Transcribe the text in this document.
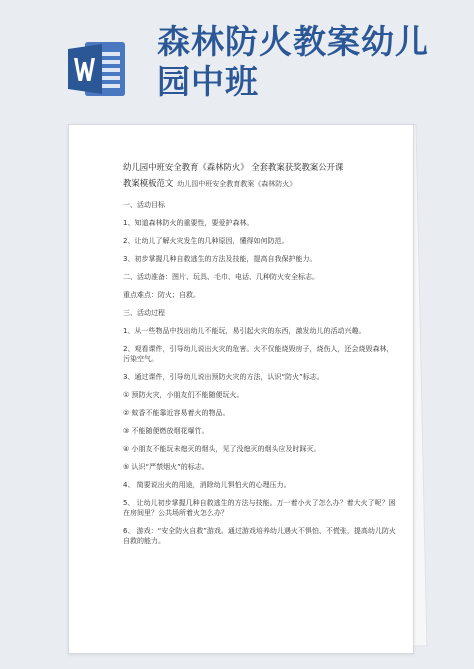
森林防火教案幼儿
园中班
幼儿园中班安全教育《森林防火》 全套教案获奖教案公开课
教案模板范文 幼儿园中班安全教育教案《森林防火》
一、活动目标
1、知道森林防火的重要性，要爱护森林。
2、让幼儿了解火灾发生的几种原因，懂得如何防范。
3、初步掌握几种自救逃生的方法及技能，提高自我保护能力。
二、活动准备：图片、玩具、毛巾、电话、几种防火安全标志。
重点难点：防火；自救。
三、活动过程
1、从一些物品中找出幼儿不能玩，易引起火灾的东西，激发幼儿的活动兴趣。
2、观看课件，引导幼儿说出火灾的危害。火不仅能烧毁房子，烧伤人，还会烧毁森林，污染空气。
3、通过课件，引导幼儿说出预防火灾的方法，认识“防火”标志。
① 预防火灾，小朋友们不能随便玩火。
② 蚊香不能靠近容易着火的物品。
③ 不能随便燃放烟花爆竹。
④ 小朋友不能玩未熄灭的烟头，见了没熄灭的烟头应及时踩灭。
⑤ 认识“严禁烟火”的标志。
4、 简要说出火的用途，消除幼儿惧怕火的心理压力。
5、 让幼儿初步掌握几种自救逃生的方法与技能。万一着小火了怎么办？着大火了呢？困在房间里？公共场所着火怎么办？
6、 游戏：“安全防火自救”游戏。通过游戏培养幼儿遇火不惧怕、不慌张，提高幼儿防火自救的能力。
